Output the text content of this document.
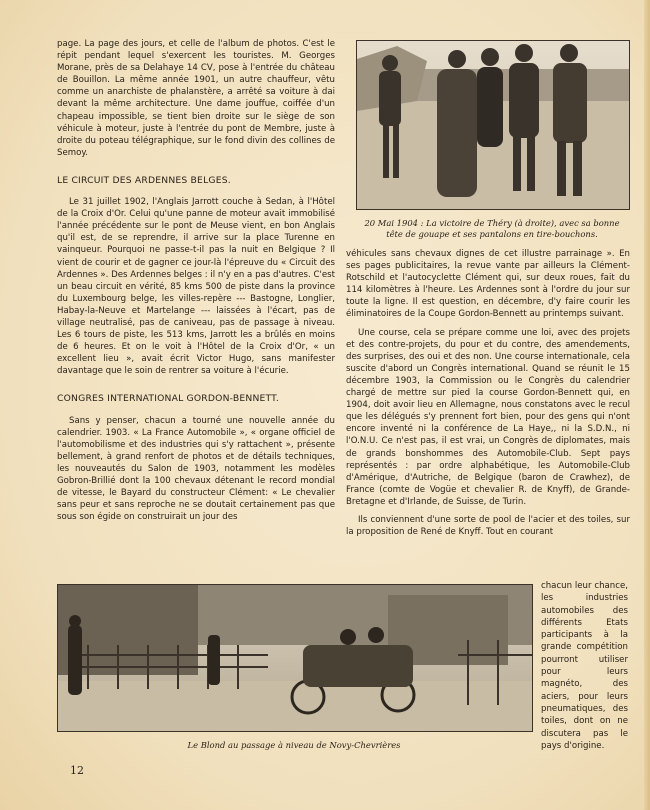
page. La page des jours, et celle de l'album de photos. C'est le répit pendant lequel s'exercent les touristes. M. Georges Morane, près de sa Delahaye 14 CV, pose à l'entrée du château de Bouillon. La même année 1901, un autre chauffeur, vêtu comme un anarchiste de phalanstère, a arrêté sa voiture à dai devant la même architecture. Une dame jouffue, coiffée d'un chapeau impossible, se tient bien droite sur le siège de son véhicule à moteur, juste à l'entrée du pont de Membre, juste à droite du poteau télégraphique, sur le fond divin des collines de Semoy.

LE CIRCUIT DES ARDENNES BELGES.

Le 31 juillet 1902, l'Anglais Jarrott couche à Sedan, à l'Hôtel de la Croix d'Or. Celui qu'une panne de moteur avait immobilisé l'année précédente sur le pont de Meuse vient, en bon Anglais qu'il est, de se reprendre, il arrive sur la place Turenne en vainqueur. Pourquoi ne passe-t-il pas la nuit en Belgique ? Il vient de courir et de gagner ce jour-là l'épreuve du « Circuit des Ardennes ». Des Ardennes belges : il n'y en a pas d'autres. C'est un beau circuit en vérité, 85 kms 500 de piste dans la province du Luxembourg belge, les villes-repère --- Bastogne, Longlier, Habay-la-Neuve et Martelange --- laissées à l'écart, pas de village neutralisé, pas de caniveau, pas de passage à niveau. Les 6 tours de piste, les 513 kms, Jarrott les a brûlés en moins de 6 heures. Et on le voit à l'Hôtel de la Croix d'Or, « un excellent lieu », avait écrit Victor Hugo, sans manifester davantage que le soin de rentrer sa voiture à l'écurie.

CONGRES INTERNATIONAL GORDON-BENNETT.

Sans y penser, chacun a tourné une nouvelle année du calendrier. 1903. « La France Automobile », « organe officiel de l'automobilisme et des industries qui s'y rattachent », présente bellement, à grand renfort de photos et de détails techniques, les nouveautés du Salon de 1903, notamment les modèles Gobron-Brillié dont la 100 chevaux détenant le record mondial de vitesse, le Bayard du constructeur Clément: « Le chevalier sans peur et sans reproche ne se doutait certainement pas que sous son égide on construirait un jour des

20 Mai 1904 : La victoire de Théry (à droite), avec sa bonne tête de gouape et ses pantalons en tire-bouchons.

véhicules sans chevaux dignes de cet illustre parrainage ». En ses pages publicitaires, la revue vante par ailleurs la Clément-Rotschild et l'autocyclette Clément qui, sur deux roues, fait du 114 kilomètres à l'heure. Les Ardennes sont à l'ordre du jour sur toute la ligne. Il est question, en décembre, d'y faire courir les éliminatoires de la Coupe Gordon-Bennett au printemps suivant.

Une course, cela se prépare comme une loi, avec des projets et des contre-projets, du pour et du contre, des amendements, des surprises, des oui et des non. Une course internationale, cela suscite d'abord un Congrès international. Quand se réunit le 15 décembre 1903, la Commission ou le Congrès du calendrier chargé de mettre sur pied la course Gordon-Bennett qui, en 1904, doit avoir lieu en Allemagne, nous constatons avec le recul que les délégués s'y prennent fort bien, pour des gens qui n'ont encore inventé ni la conférence de La Haye,, ni la S.D.N., ni l'O.N.U. Ce n'est pas, il est vrai, un Congrès de diplomates, mais de grands bonshommes des Automobile-Club. Sept pays représentés : par ordre alphabétique, les Automobile-Club d'Amérique, d'Autriche, de Belgique (baron de Crawhez), de France (comte de Vogüe et chevalier R. de Knyff), de Grande-Bretagne et d'Irlande, de Suisse, de Turin.

Ils conviennent d'une sorte de pool de l'acier et des toiles, sur la proposition de René de Knyff. Tout en courant

Le Blond au passage à niveau de Novy-Chevrières

chacun leur chance, les industries automobiles des différents Etats participants à la grande compétition pourront utiliser pour leurs magnéto, des aciers, pour leurs pneumatiques, des toiles, dont on ne discutera pas le pays d'origine.

12
